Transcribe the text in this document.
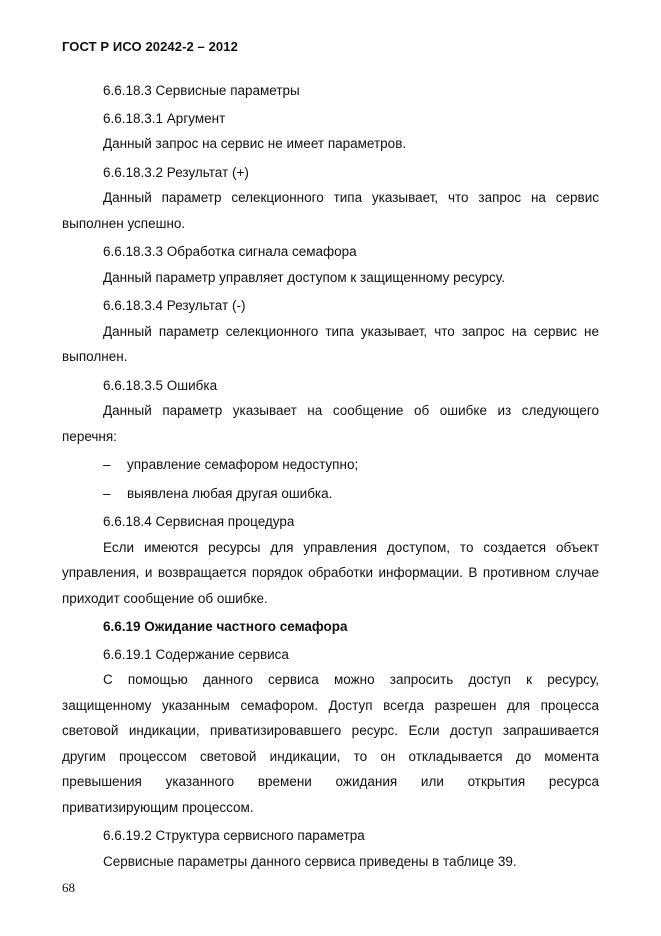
ГОСТ Р ИСО 20242-2 – 2012

6.6.18.3 Сервисные параметры

6.6.18.3.1 Аргумент

Данный запрос на сервис не имеет параметров.

6.6.18.3.2 Результат (+)

Данный параметр селекционного типа указывает, что запрос на сервис выполнен успешно.

6.6.18.3.3 Обработка сигнала семафора

Данный параметр управляет доступом к защищенному ресурсу.

6.6.18.3.4 Результат (-)

Данный параметр селекционного типа указывает, что запрос на сервис не выполнен.

6.6.18.3.5 Ошибка

Данный параметр указывает на сообщение об ошибке из следующего перечня:

– управление семафором недоступно;

– выявлена любая другая ошибка.

6.6.18.4 Сервисная процедура

Если имеются ресурсы для управления доступом, то создается объект управления, и возвращается порядок обработки информации. В противном случае приходит сообщение об ошибке.

6.6.19 Ожидание частного семафора

6.6.19.1 Содержание сервиса

С помощью данного сервиса можно запросить доступ к ресурсу, защищенному указанным семафором. Доступ всегда разрешен для процесса световой индикации, приватизировавшего ресурс. Если доступ запрашивается другим процессом световой индикации, то он откладывается до момента превышения указанного времени ожидания или открытия ресурса приватизирующим процессом.

6.6.19.2 Структура сервисного параметра

Сервисные параметры данного сервиса приведены в таблице 39.

68
